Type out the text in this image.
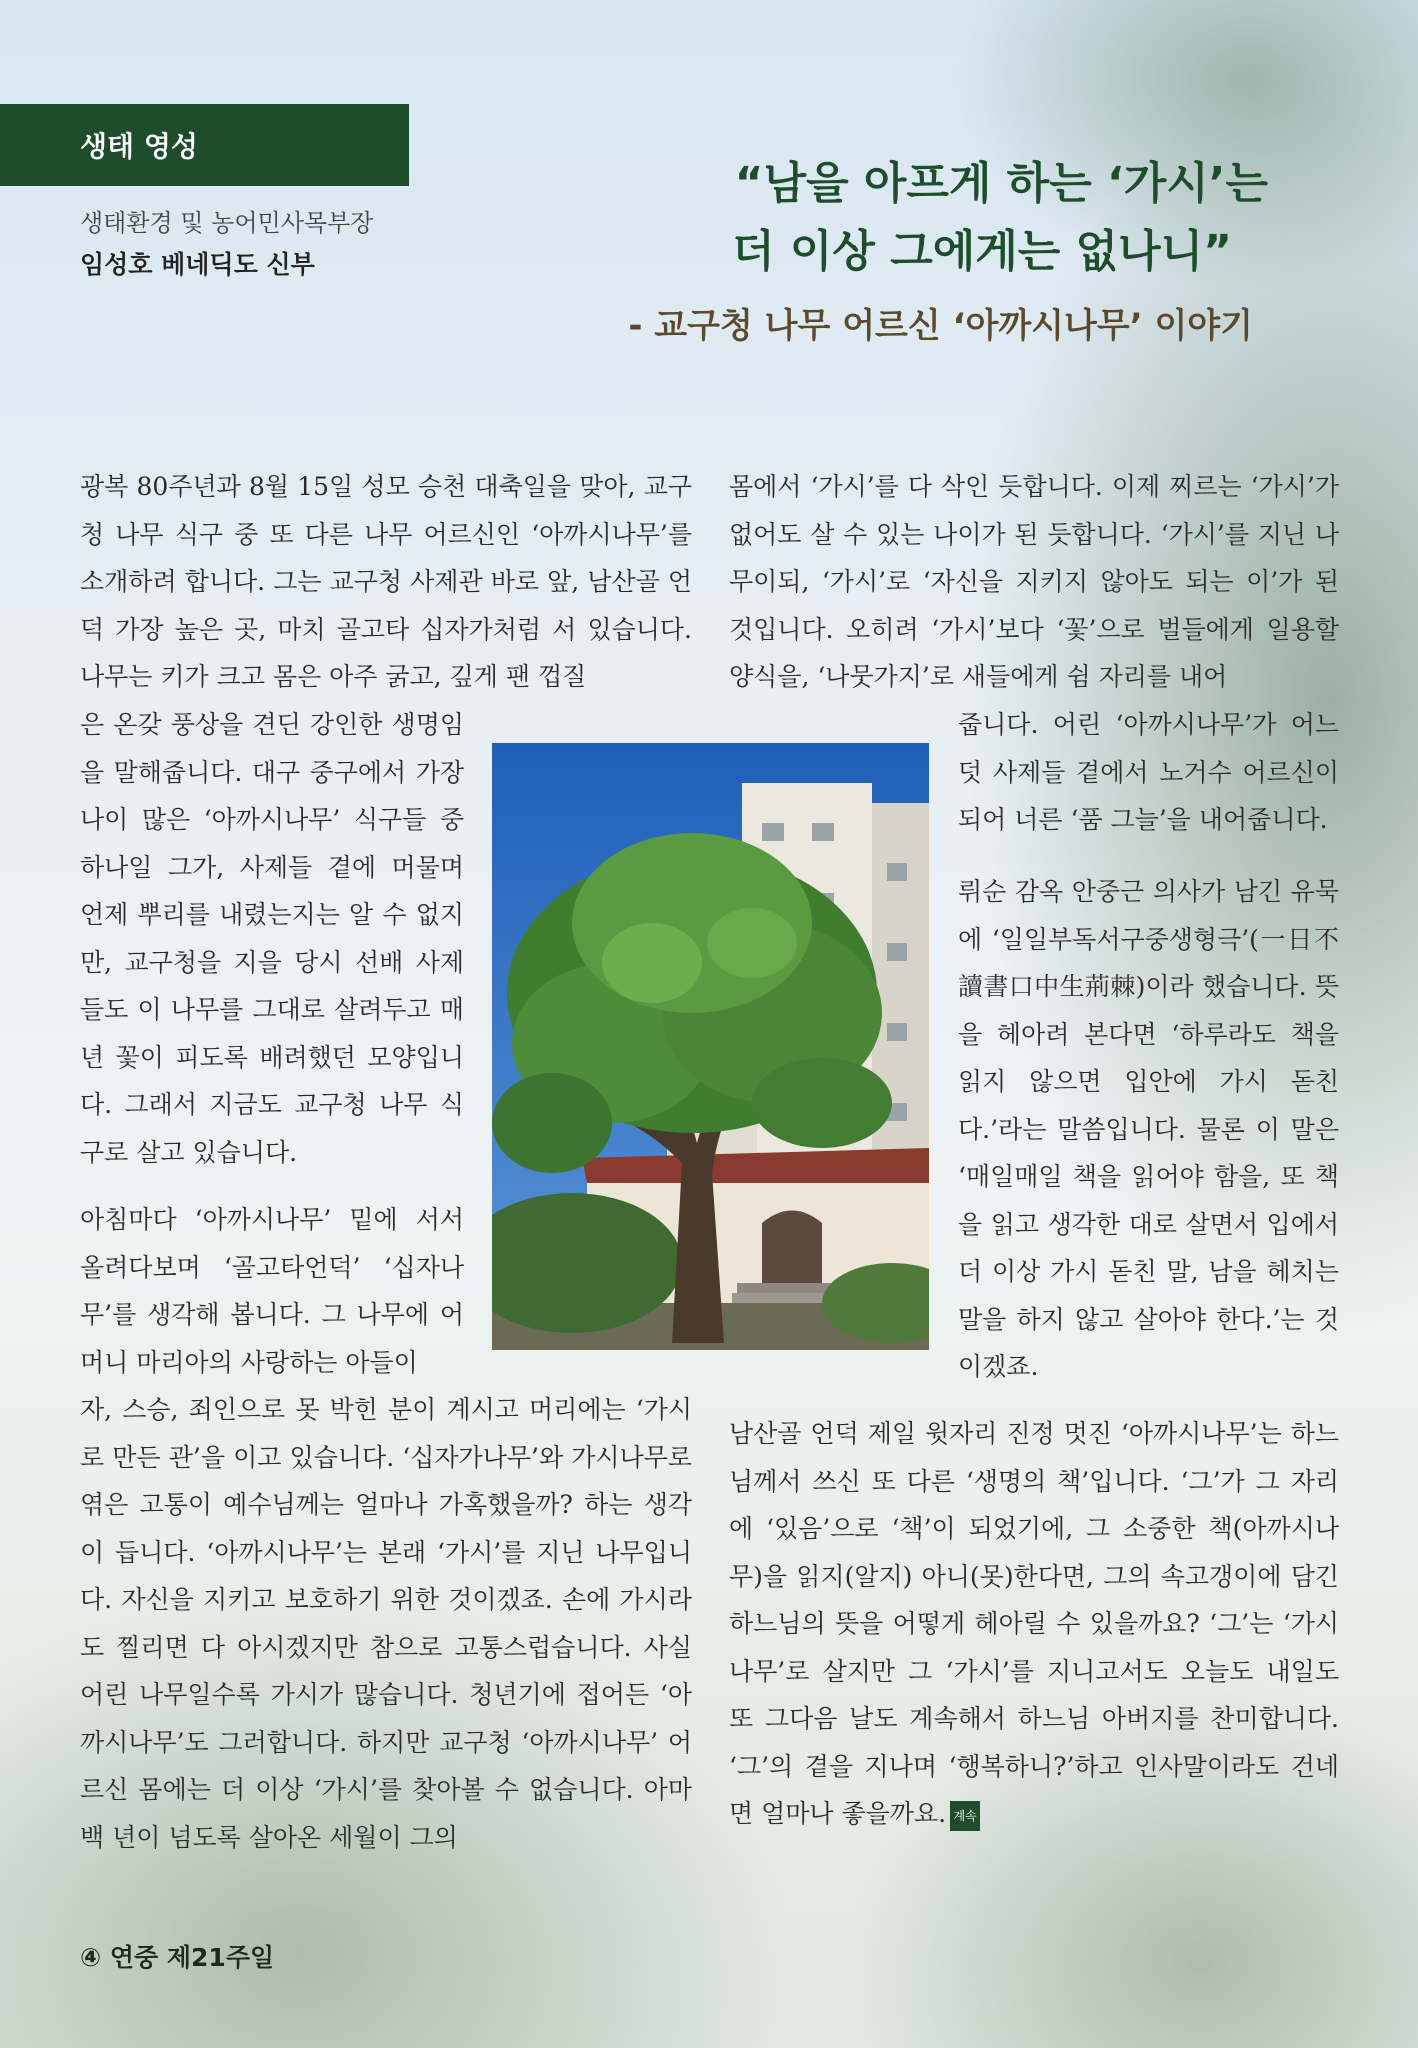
생태 영성
생태환경 및 농어민사목부장
임성호 베네딕도 신부
“남을 아프게 하는 ‘가시’는
더 이상 그에게는 없나니”
- 교구청 나무 어르신 ‘아까시나무’ 이야기

광복 80주년과 8월 15일 성모 승천 대축일을 맞아, 교구청 나무 식구 중 또 다른 나무 어르신인 ‘아까시나무’를 소개하려 합니다. 그는 교구청 사제관 바로 앞, 남산골 언덕 가장 높은 곳, 마치 골고타 십자가처럼 서 있습니다. 나무는 키가 크고 몸은 아주 굵고, 깊게 팬 껍질

은 온갖 풍상을 견딘 강인한 생명임을 말해줍니다. 대구 중구에서 가장 나이 많은 ‘아까시나무’ 식구들 중 하나일 그가, 사제들 곁에 머물며 언제 뿌리를 내렸는지는 알 수 없지만, 교구청을 지을 당시 선배 사제들도 이 나무를 그대로 살려두고 매년 꽃이 피도록 배려했던 모양입니다. 그래서 지금도 교구청 나무 식구로 살고 있습니다.

아침마다 ‘아까시나무’ 밑에 서서 올려다보며 ‘골고타언덕’ ‘십자나무’를 생각해 봅니다. 그 나무에 어머니 마리아의 사랑하는 아들이

자, 스승, 죄인으로 못 박힌 분이 계시고 머리에는 ‘가시로 만든 관’을 이고 있습니다. ‘십자가나무’와 가시나무로 엮은 고통이 예수님께는 얼마나 가혹했을까? 하는 생각이 듭니다. ‘아까시나무’는 본래 ‘가시’를 지닌 나무입니다. 자신을 지키고 보호하기 위한 것이겠죠. 손에 가시라도 찔리면 다 아시겠지만 참으로 고통스럽습니다. 사실 어린 나무일수록 가시가 많습니다. 청년기에 접어든 ‘아까시나무’도 그러합니다. 하지만 교구청 ‘아까시나무’ 어르신 몸에는 더 이상 ‘가시’를 찾아볼 수 없습니다. 아마 백 년이 넘도록 살아온 세월이 그의

몸에서 ‘가시’를 다 삭인 듯합니다. 이제 찌르는 ‘가시’가 없어도 살 수 있는 나이가 된 듯합니다. ‘가시’를 지닌 나무이되, ‘가시’로 ‘자신을 지키지 않아도 되는 이’가 된 것입니다. 오히려 ‘가시’보다 ‘꽃’으로 벌들에게 일용할 양식을, ‘나뭇가지’로 새들에게 쉼 자리를 내어

줍니다. 어린 ‘아까시나무’가 어느덧 사제들 곁에서 노거수 어르신이 되어 너른 ‘품 그늘’을 내어줍니다.

뤼순 감옥 안중근 의사가 남긴 유묵에 ‘일일부독서구중생형극’(一日不讀書口中生荊棘)이라 했습니다. 뜻을 헤아려 본다면 ‘하루라도 책을 읽지 않으면 입안에 가시 돋친다.’라는 말씀입니다. 물론 이 말은 ‘매일매일 책을 읽어야 함을, 또 책을 읽고 생각한 대로 살면서 입에서 더 이상 가시 돋친 말, 남을 헤치는 말을 하지 않고 살아야 한다.’는 것이겠죠.

남산골 언덕 제일 윗자리 진정 멋진 ‘아까시나무’는 하느님께서 쓰신 또 다른 ‘생명의 책’입니다. ‘그’가 그 자리에 ‘있음’으로 ‘책’이 되었기에, 그 소중한 책(아까시나무)을 읽지(알지) 아니(못)한다면, 그의 속고갱이에 담긴 하느님의 뜻을 어떻게 헤아릴 수 있을까요? ‘그’는 ‘가시나무’로 살지만 그 ‘가시’를 지니고서도 오늘도 내일도 또 그다음 날도 계속해서 하느님 아버지를 찬미합니다. ‘그’의 곁을 지나며 ‘행복하니?’하고 인사말이라도 건네면 얼마나 좋을까요. 계속

④ 연중 제21주일
